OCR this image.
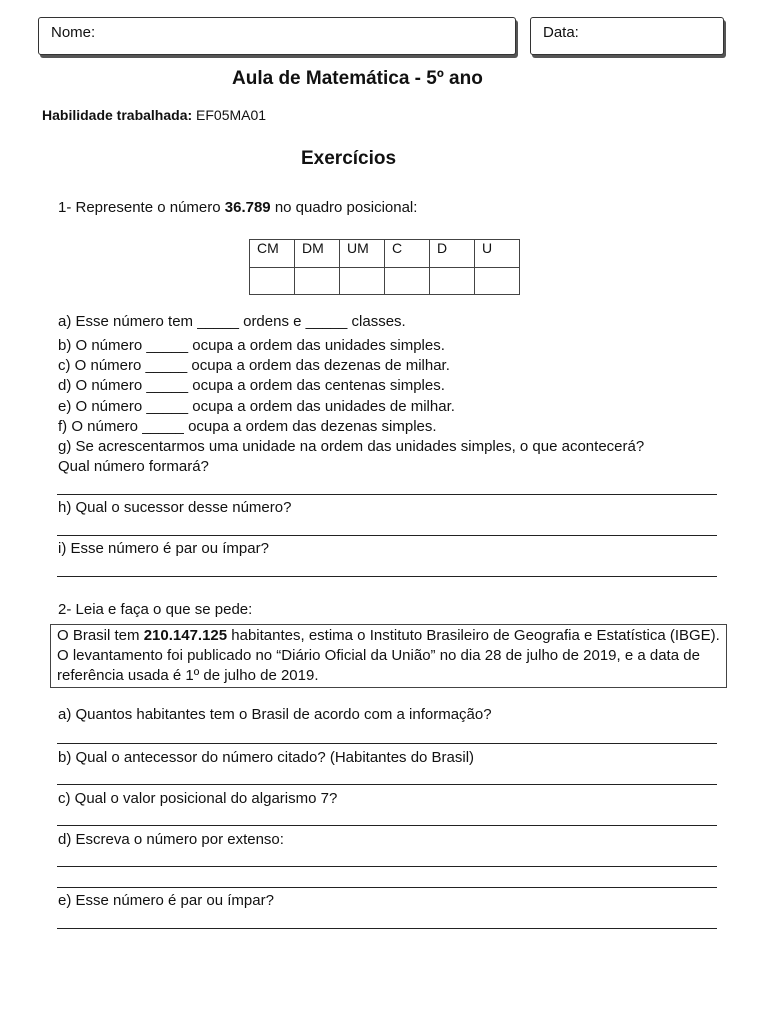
Nome:	Data:
Aula de Matemática - 5º ano
Habilidade trabalhada: EF05MA01
Exercícios
1- Represente o número 36.789 no quadro posicional:
CM	DM	UM	C	D	U

a) Esse número tem _____ ordens e _____ classes.
b) O número _____ ocupa a ordem das unidades simples.
c) O número _____ ocupa a ordem das dezenas de milhar.
d) O número _____ ocupa a ordem das centenas simples.
e) O número _____ ocupa a ordem das unidades de milhar.
f) O número _____ ocupa a ordem das dezenas simples.
g) Se acrescentarmos uma unidade na ordem das unidades simples, o que acontecerá?
Qual número formará?
h) Qual o sucessor desse número?
i) Esse número é par ou ímpar?
2- Leia e faça o que se pede:
O Brasil tem 210.147.125 habitantes, estima o Instituto Brasileiro de Geografia e Estatística (IBGE). O levantamento foi publicado no “Diário Oficial da União” no dia 28 de julho de 2019, e a data de referência usada é 1º de julho de 2019.
a) Quantos habitantes tem o Brasil de acordo com a informação?
b) Qual o antecessor do número citado? (Habitantes do Brasil)
c) Qual o valor posicional do algarismo 7?
d) Escreva o número por extenso:
e) Esse número é par ou ímpar?
